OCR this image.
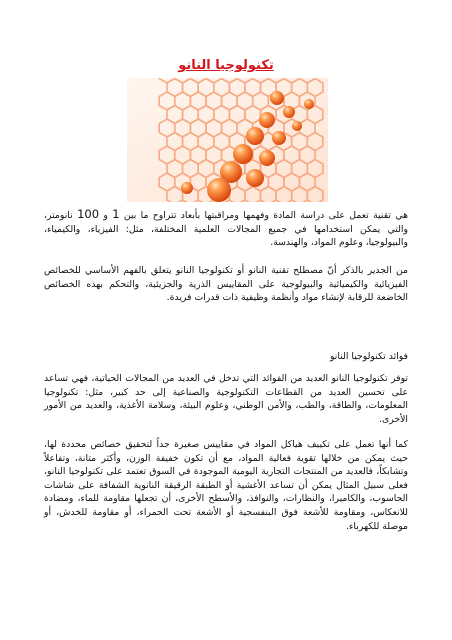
تكنولوجيا النانو

هي تقنية تعمل على دراسة المادة وفهمها ومراقبتها بأبعاد تتراوح ما بين 1 و 100 نانومتر، والتي يمكن استخدامها في جميع المجالات العلمية المختلفة، مثل: الفيزياء، والكيمياء، والبيولوجيا، وعلوم المواد، والهندسة.

من الجدير بالذكر أنّ مصطلح تقنية النانو أو تكنولوجيا النانو يتعلق بالفهم الأساسي للخصائص الفيزيائية والكيميائية والبيولوجية على المقاييس الذرية والجزيئية، والتحكم بهذه الخصائص الخاضعة للرقابة لإنشاء مواد وأنظمة وظيفية ذات قدرات فريدة.

فوائد تكنولوجيا النانو

توفر تكنولوجيا النانو العديد من الفوائد التي تدخل في العديد من المجالات الحياتية، فهي تساعد على تحسين العديد من القطاعات التكنولوجية والصناعية إلى حد كبير، مثل: تكنولوجيا المعلومات، والطاقة، والطب، والأمن الوطني، وعلوم البيئة، وسلامة الأغذية، والعديد من الأمور الأخرى.

كما أنها تعمل على تكييف هياكل المواد في مقاييس صغيرة جداً لتحقيق خصائص محددة لها، حيث يمكن من خلالها تقوية فعالية المواد، مع أن تكون خفيفة الوزن، وأكثر متانة، وتفاعلاً وتشابكاً، فالعديد من المنتجات التجارية اليومية الموجودة في السوق تعتمد على تكنولوجيا النانو، فعلى سبيل المثال يمكن أن تساعد الأغشية أو الطبقة الرقيقة النانوية الشفافة على شاشات الحاسوب، والكاميرا، والنظارات، والنوافذ، والأسطح الأخرى، أن تجعلها مقاومة للماء، ومضادة للانعكاس، ومقاومة للأشعة فوق البنفسجية أو الأشعة تحت الحمراء، أو مقاومة للخدش، أو موصلة للكهرباء.
